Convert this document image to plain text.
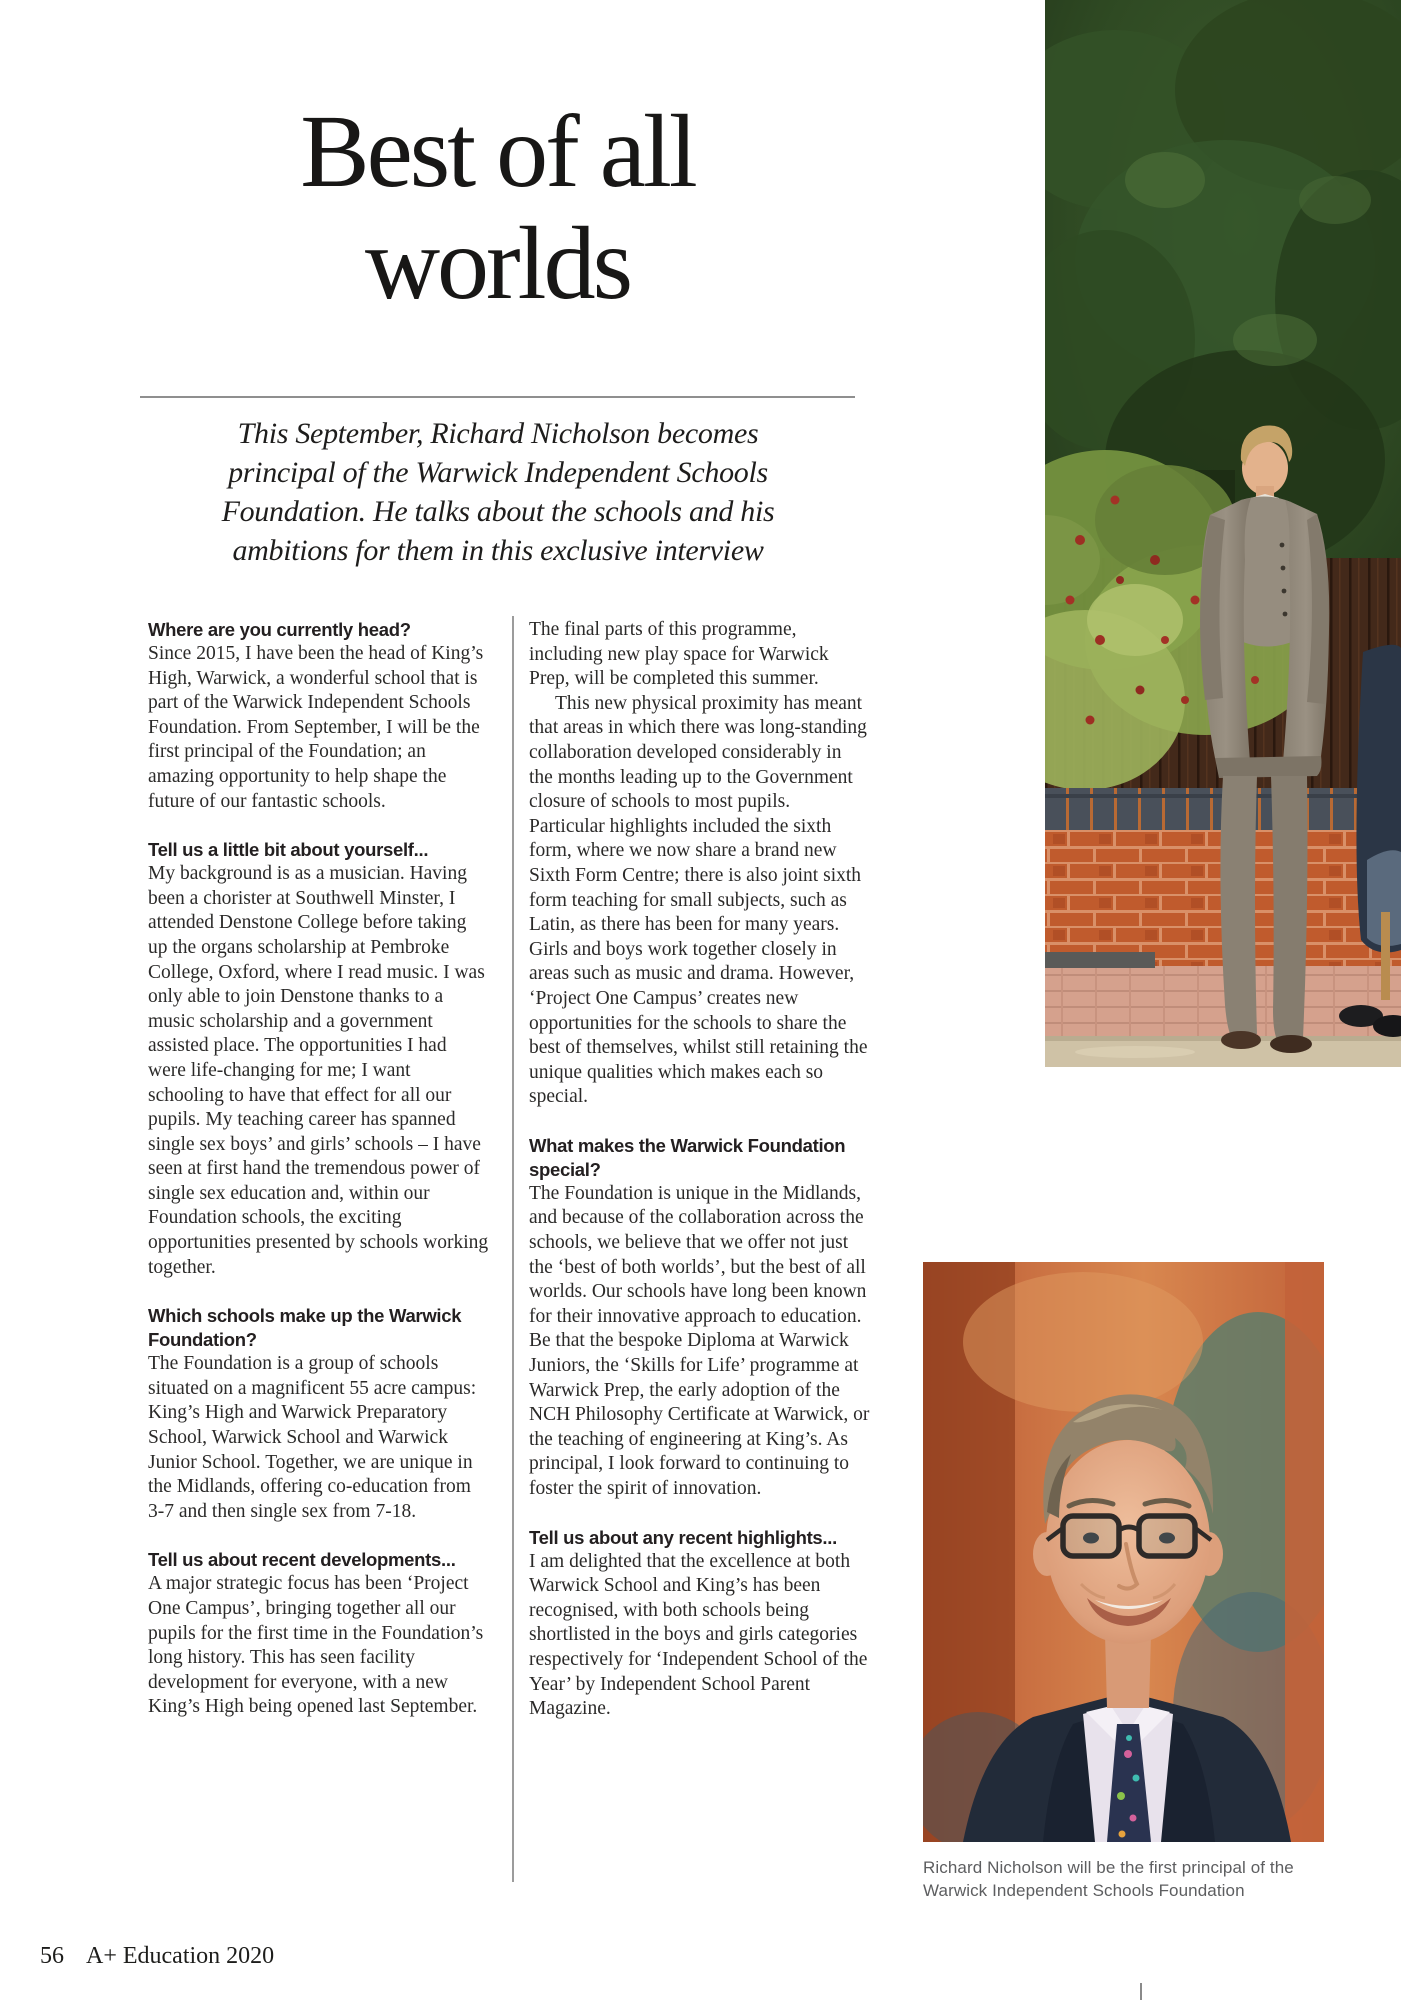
Best of all
worlds
This September, Richard Nicholson becomes
principal of the Warwick Independent Schools
Foundation. He talks about the schools and his
ambitions for them in this exclusive interview
Where are you currently head?
Since 2015, I have been the head of King’s High, Warwick, a wonderful school that is part of the Warwick Independent Schools Foundation. From September, I will be the first principal of the Foundation; an amazing opportunity to help shape the future of our fantastic schools.
Tell us a little bit about yourself...
My background is as a musician. Having been a chorister at Southwell Minster, I attended Denstone College before taking up the organs scholarship at Pembroke College, Oxford, where I read music. I was only able to join Denstone thanks to a music scholarship and a government assisted place. The opportunities I had were life-changing for me; I want schooling to have that effect for all our pupils. My teaching career has spanned single sex boys’ and girls’ schools – I have seen at first hand the tremendous power of single sex education and, within our Foundation schools, the exciting opportunities presented by schools working together.
Which schools make up the Warwick Foundation?
The Foundation is a group of schools situated on a magnificent 55 acre campus: King’s High and Warwick Preparatory School, Warwick School and Warwick Junior School. Together, we are unique in the Midlands, offering co-education from 3-7 and then single sex from 7-18.
Tell us about recent developments...
A major strategic focus has been ‘Project One Campus’, bringing together all our pupils for the first time in the Foundation’s long history. This has seen facility development for everyone, with a new King’s High being opened last September.

The final parts of this programme, including new play space for Warwick Prep, will be completed this summer.

This new physical proximity has meant that areas in which there was long-standing collaboration developed considerably in the months leading up to the Government closure of schools to most pupils. Particular highlights included the sixth form, where we now share a brand new Sixth Form Centre; there is also joint sixth form teaching for small subjects, such as Latin, as there has been for many years. Girls and boys work together closely in areas such as music and drama. However, ‘Project One Campus’ creates new opportunities for the schools to share the best of themselves, whilst still retaining the unique qualities which makes each so special.

What makes the Warwick Foundation special?
The Foundation is unique in the Midlands, and because of the collaboration across the schools, we believe that we offer not just the ‘best of both worlds’, but the best of all worlds. Our schools have long been known for their innovative approach to education. Be that the bespoke Diploma at Warwick Juniors, the ‘Skills for Life’ programme at Warwick Prep, the early adoption of the NCH Philosophy Certificate at Warwick, or the teaching of engineering at King’s. As principal, I look forward to continuing to foster the spirit of innovation.
Tell us about any recent highlights...
I am delighted that the excellence at both Warwick School and King’s has been recognised, with both schools being shortlisted in the boys and girls categories respectively for ‘Independent School of the Year’ by Independent School Parent Magazine.
Richard Nicholson will be the first principal of the Warwick Independent Schools Foundation
56 A+ Education 2020
